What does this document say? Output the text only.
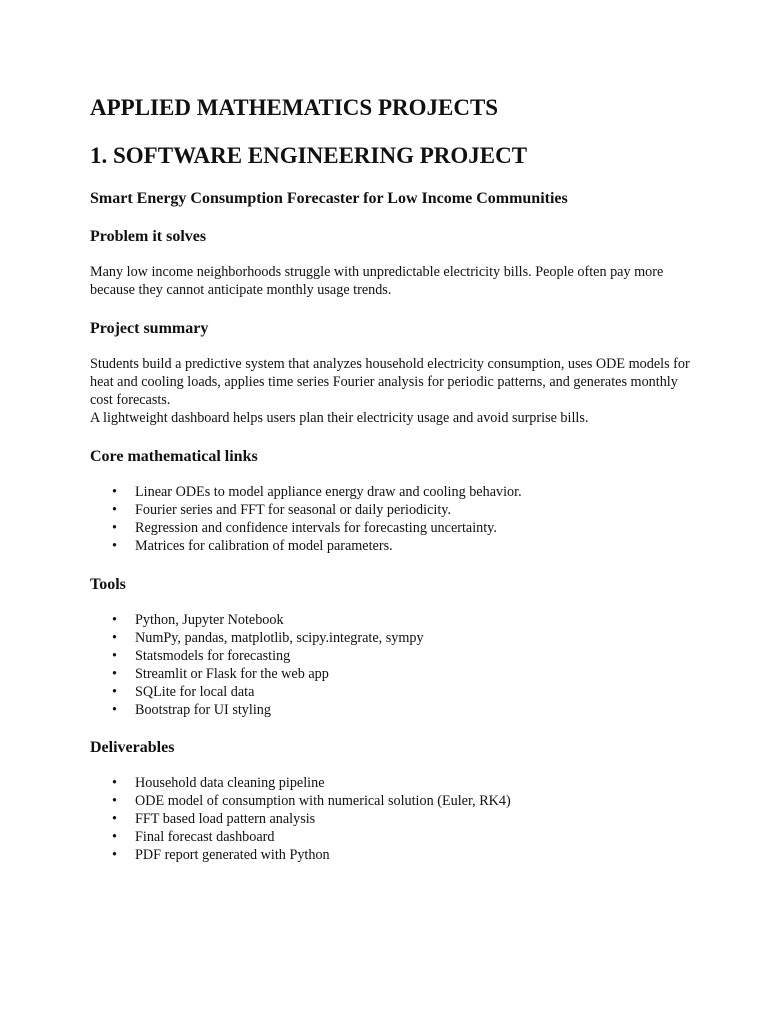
APPLIED MATHEMATICS PROJECTS
1. SOFTWARE ENGINEERING PROJECT
Smart Energy Consumption Forecaster for Low Income Communities
Problem it solves

Many low income neighborhoods struggle with unpredictable electricity bills. People often pay more because they cannot anticipate monthly usage trends.

Project summary

Students build a predictive system that analyzes household electricity consumption, uses ODE models for heat and cooling loads, applies time series Fourier analysis for periodic patterns, and generates monthly cost forecasts.

A lightweight dashboard helps users plan their electricity usage and avoid surprise bills.

Core mathematical links
• Linear ODEs to model appliance energy draw and cooling behavior.
• Fourier series and FFT for seasonal or daily periodicity.
• Regression and confidence intervals for forecasting uncertainty.
• Matrices for calibration of model parameters.
Tools
• Python, Jupyter Notebook
• NumPy, pandas, matplotlib, scipy.integrate, sympy
• Statsmodels for forecasting
• Streamlit or Flask for the web app
• SQLite for local data
• Bootstrap for UI styling
Deliverables
• Household data cleaning pipeline
• ODE model of consumption with numerical solution (Euler, RK4)
• FFT based load pattern analysis
• Final forecast dashboard
• PDF report generated with Python
